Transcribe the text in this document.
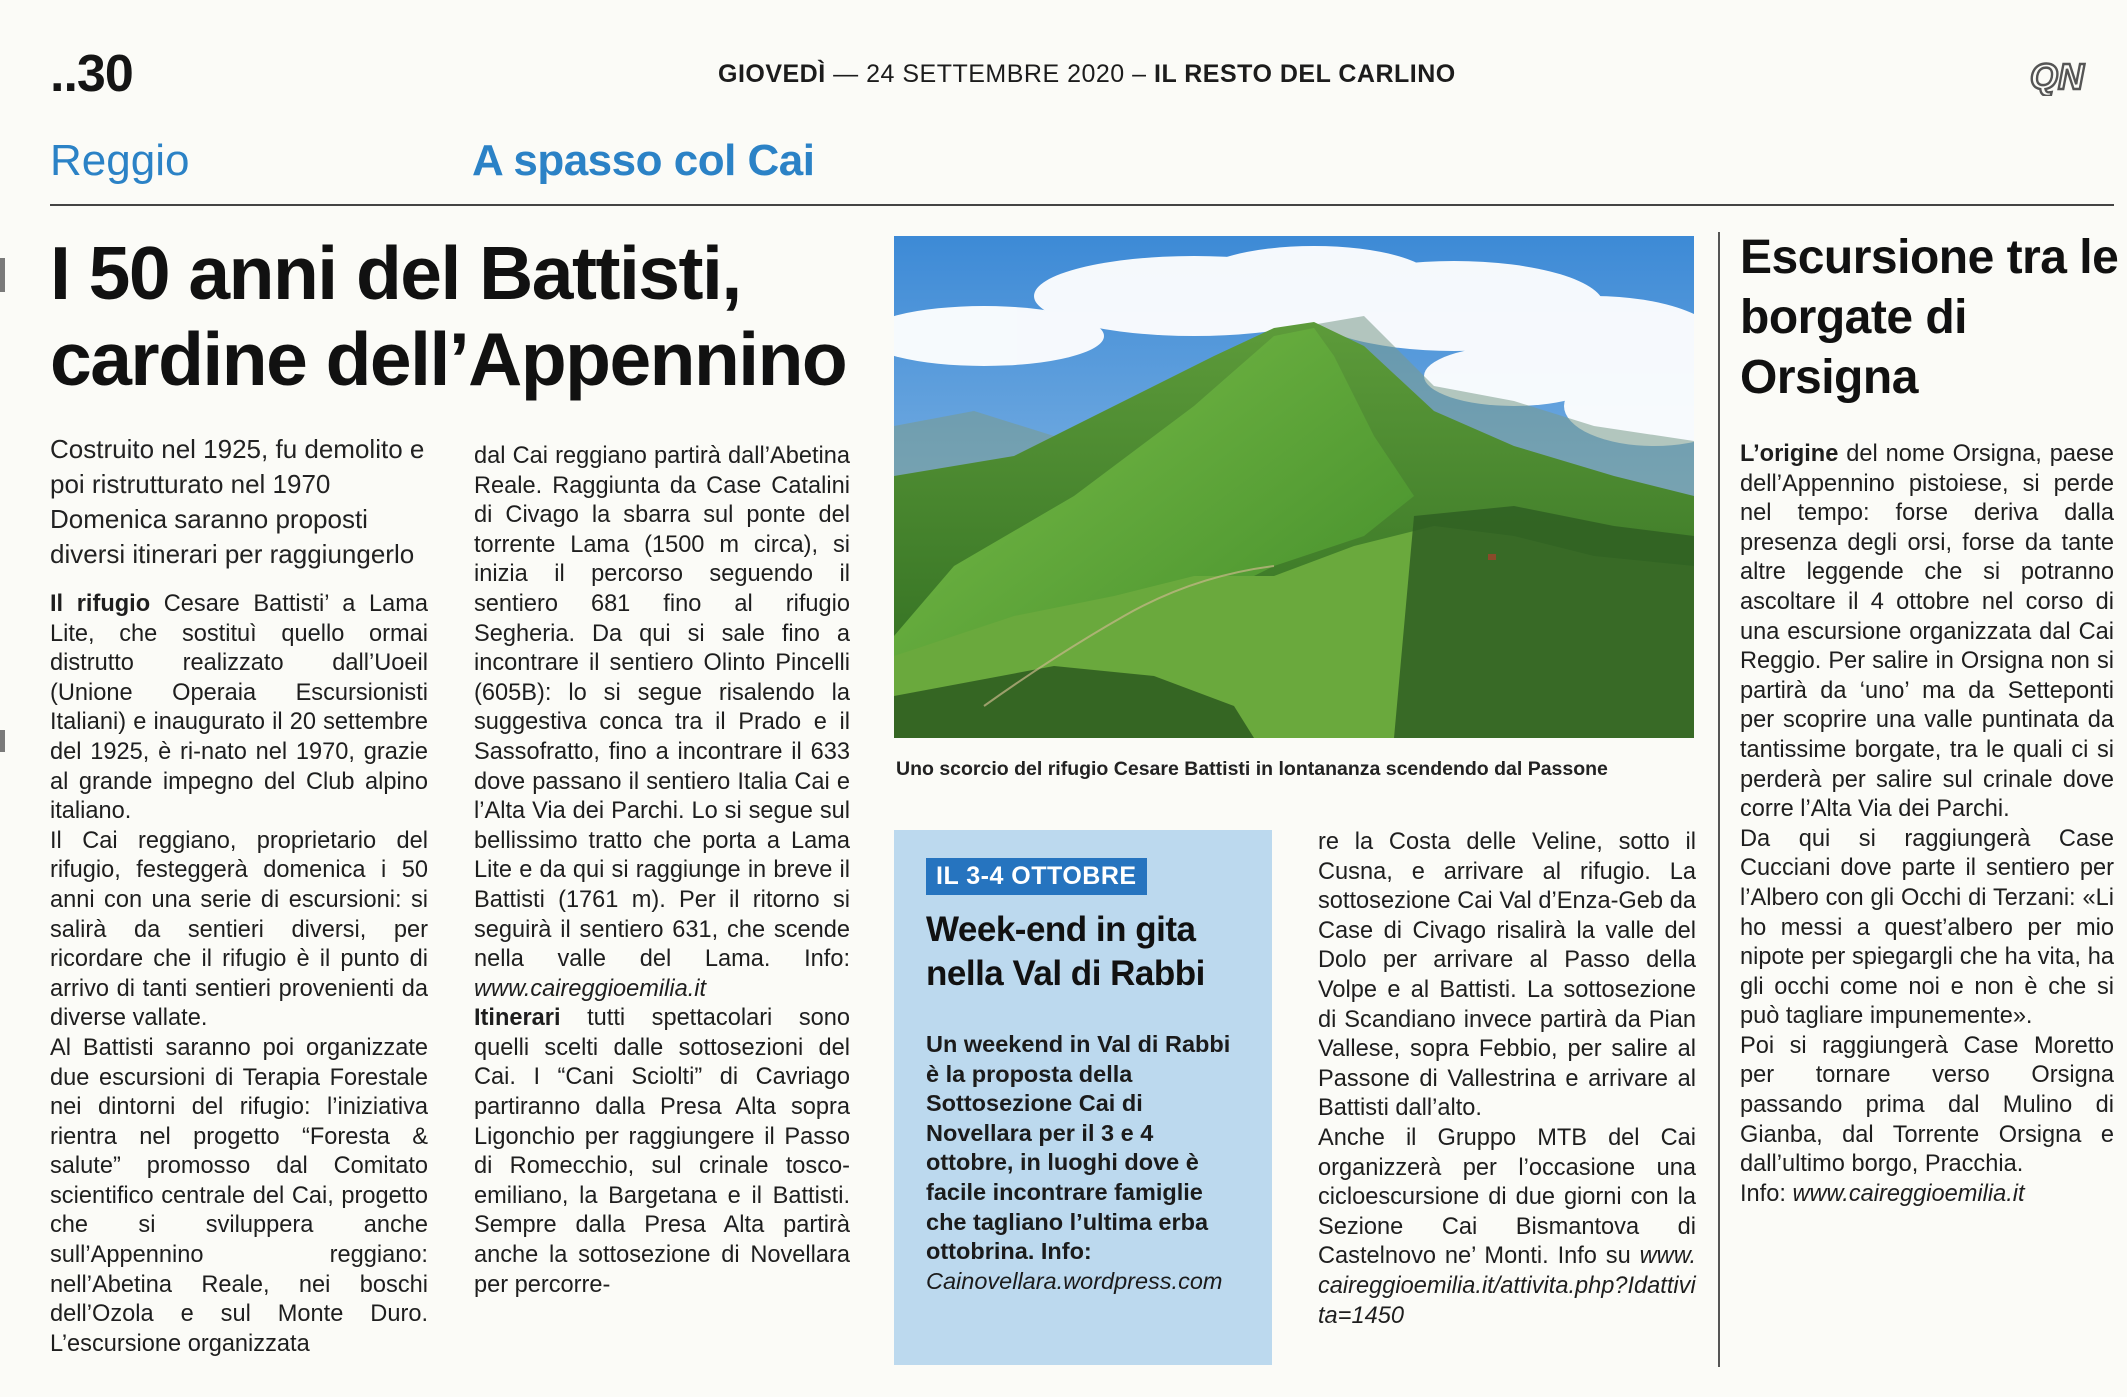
..30	GIOVEDÌ — 24 SETTEMBRE 2020 – IL RESTO DEL CARLINO	QN
Reggio	A spasso col Cai
I 50 anni del Battisti,
cardine dell’Appennino
Costruito nel 1925, fu demolito e poi ristrutturato nel 1970 Domenica saranno proposti diversi itinerari per raggiungerlo

Il rifugio Cesare Battisti’ a Lama Lite, che sostituì quello ormai distrutto realizzato dall’Uoeil (Unione Operaia Escursionisti Italiani) e inaugurato il 20 settembre del 1925, è ri-nato nel 1970, grazie al grande impegno del Club alpino italiano.

Il Cai reggiano, proprietario del rifugio, festeggerà domenica i 50 anni con una serie di escursioni: si salirà da sentieri diversi, per ricordare che il rifugio è il punto di arrivo di tanti sentieri provenienti da diverse vallate.

Al Battisti saranno poi organizzate due escursioni di Terapia Forestale nei dintorni del rifugio: l’iniziativa rientra nel progetto “Foresta & salute” promosso dal Comitato scientifico centrale del Cai, progetto che si sviluppera anche sull’Appennino reggiano: nell’Abetina Reale, nei boschi dell’Ozola e sul Monte Duro. L’escursione organizzata

dal Cai reggiano partirà dall’Abetina Reale. Raggiunta da Case Catalini di Civago la sbarra sul ponte del torrente Lama (1500 m circa), si inizia il percorso seguendo il sentiero 681 fino al rifugio Segheria. Da qui si sale fino a incontrare il sentiero Olinto Pincelli (605B): lo si segue risalendo la suggestiva conca tra il Prado e il Sassofratto, fino a incontrare il 633 dove passano il sentiero Italia Cai e l’Alta Via dei Parchi. Lo si segue sul bellissimo tratto che porta a Lama Lite e da qui si raggiunge in breve il Battisti (1761 m). Per il ritorno si seguirà il sentiero 631, che scende nella valle del Lama. Info: www.caireggioemilia.it

Itinerari tutti spettacolari sono quelli scelti dalle sottosezioni del Cai. I “Cani Sciolti” di Cavriago partiranno dalla Presa Alta sopra Ligonchio per raggiungere il Passo di Romecchio, sul crinale tosco-emiliano, la Bargetana e il Battisti. Sempre dalla Presa Alta partirà anche la sottosezione di Novellara per percorre-

re la Costa delle Veline, sotto il Cusna, e arrivare al rifugio. La sottosezione Cai Val d’Enza-Geb da Case di Civago risalirà la valle del Dolo per arrivare al Passo della Volpe e al Battisti. La sottosezione di Scandiano invece partirà da Pian Vallese, sopra Febbio, per salire al Passone di Vallestrina e arrivare al Battisti dall’alto.

Anche il Gruppo MTB del Cai organizzerà per l’occasione una cicloescursione di due giorni con la Sezione Cai Bismantova di Castelnovo ne’ Monti. Info su www.caireggioemilia.it/attivita.php?Idattivita=1450

Uno scorcio del rifugio Cesare Battisti in lontananza scendendo dal Passone
IL 3-4 OTTOBRE
Week-end in gita nella Val di Rabbi
Un weekend in Val di Rabbi è la proposta della Sottosezione Cai di Novellara per il 3 e 4 ottobre, in luoghi dove è facile incontrare famiglie che tagliano l’ultima erba ottobrina. Info: Cainovellara.wordpress.com
Escursione tra le borgate di Orsigna

L’origine del nome Orsigna, paese dell’Appennino pistoiese, si perde nel tempo: forse deriva dalla presenza degli orsi, forse da tante altre leggende che si potranno ascoltare il 4 ottobre nel corso di una escursione organizzata dal Cai Reggio. Per salire in Orsigna non si partirà da ‘uno’ ma da Setteponti per scoprire una valle puntinata da tantissime borgate, tra le quali ci si perderà per salire sul crinale dove corre l’Alta Via dei Parchi.

Da qui si raggiungerà Case Cucciani dove parte il sentiero per l’Albero con gli Occhi di Terzani: «Li ho messi a quest’albero per mio nipote per spiegargli che ha vita, ha gli occhi come noi e non è che si può tagliare impunemente».

Poi si raggiungerà Case Moretto per tornare verso Orsigna passando prima dal Mulino di Gianba, dal Torrente Orsigna e dall’ultimo borgo, Pracchia.

Info: www.caireggioemilia.it
